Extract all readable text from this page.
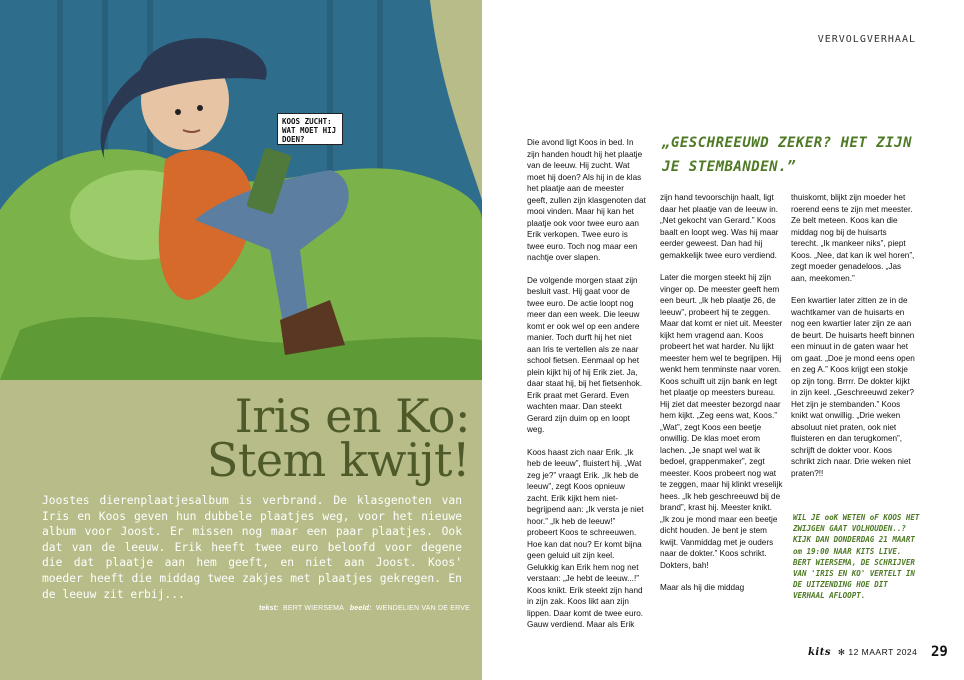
KOOS ZUCHT: WAT MOET HIJ DOEN?
Iris en Ko:
Stem kwijt!
Joostes dierenplaatjesalbum is verbrand. De klasgenoten van Iris en Koos geven hun dubbele plaatjes weg, voor het nieuwe album voor Joost. Er missen nog maar een paar plaatjes. Ook dat van de leeuw. Erik heeft twee euro beloofd voor degene die dat plaatje aan hem geeft, en niet aan Joost. Koos' moeder heeft die middag twee zakjes met plaatjes gekregen. En de leeuw zit erbij...
tekst: BERT WIERSEMA beeld: WENDELIEN VAN DE ERVE
VERVOLGVERHAAL
„GESCHREEUWD ZEKER? HET ZIJN JE STEMBANDEN.”

Die avond ligt Koos in bed. In zijn handen houdt hij het plaatje van de leeuw. Hij zucht. Wat moet hij doen? Als hij in de klas het plaatje aan de meester geeft, zullen zijn klasgenoten dat mooi vinden. Maar hij kan het plaatje ook voor twee euro aan Erik verkopen. Twee euro is twee euro. Toch nog maar een nachtje over slapen.

De volgende morgen staat zijn besluit vast. Hij gaat voor de twee euro. De actie loopt nog meer dan een week. Die leeuw komt er ook wel op een andere manier. Toch durft hij het niet aan Iris te vertellen als ze naar school fietsen. Eenmaal op het plein kijkt hij of hij Erik ziet. Ja, daar staat hij, bij het fietsenhok. Erik praat met Gerard. Even wachten maar. Dan steekt Gerard zijn duim op en loopt weg.

Koos haast zich naar Erik. „Ik heb de leeuw”, fluistert hij. „Wat zeg je?” vraagt Erik. „Ik heb de leeuw”, zegt Koos opnieuw zacht. Erik kijkt hem niet-begrijpend aan: „Ik versta je niet hoor.” „Ik heb de leeuw!” probeert Koos te schreeuwen. Hoe kan dat nou? Er komt bijna geen geluid uit zijn keel. Gelukkig kan Erik hem nog net verstaan: „Je hebt de leeuw...!” Koos knikt. Erik steekt zijn hand in zijn zak. Koos likt aan zijn lippen. Daar komt de twee euro. Gauw verdiend. Maar als Erik

zijn hand tevoorschijn haalt, ligt daar het plaatje van de leeuw in. „Net gekocht van Gerard.” Koos baalt en loopt weg. Was hij maar eerder geweest. Dan had hij gemakkelijk twee euro verdiend.

Later die morgen steekt hij zijn vinger op. De meester geeft hem een beurt. „Ik heb plaatje 26, de leeuw”, probeert hij te zeggen. Maar dat komt er niet uit. Meester kijkt hem vragend aan. Koos probeert het wat harder. Nu lijkt meester hem wel te begrijpen. Hij wenkt hem tenminste naar voren. Koos schuift uit zijn bank en legt het plaatje op meesters bureau. Hij ziet dat meester bezorgd naar hem kijkt. „Zeg eens wat, Koos.” „Wat”, zegt Koos een beetje onwillig. De klas moet erom lachen. „Je snapt wel wat ik bedoel, grappenmaker”, zegt meester. Koos probeert nog wat te zeggen, maar hij klinkt vreselijk hees. „Ik heb geschreeuwd bij de brand”, krast hij. Meester knikt. „Ik zou je mond maar een beetje dicht houden. Je bent je stem kwijt. Vanmiddag met je ouders naar de dokter.” Koos schrikt. Dokters, bah!

Maar als hij die middag

thuiskomt, blijkt zijn moeder het roerend eens te zijn met meester. Ze belt meteen. Koos kan die middag nog bij de huisarts terecht. „Ik mankeer niks”, piept Koos. „Nee, dat kan ik wel horen”, zegt moeder genadeloos. „Jas aan, meekomen.”

Een kwartier later zitten ze in de wachtkamer van de huisarts en nog een kwartier later zijn ze aan de beurt. De huisarts heeft binnen een minuut in de gaten waar het om gaat. „Doe je mond eens open en zeg A.” Koos krijgt een stokje op zijn tong. Brrrr. De dokter kijkt in zijn keel. „Geschreeuwd zeker? Het zijn je stembanden.” Koos knikt wat onwillig. „Drie weken absoluut niet praten, ook niet fluisteren en dan terugkomen”, schrijft de dokter voor. Koos schrikt zich naar. Drie weken niet praten?!!

WIL JE ooK WETEN oF KOOS HET ZWIJGEN GAAT VOLHOUDEN..? KIJK DAN DONDERDAG 21 MAART om 19:00 NAAR KITS LIVE. BERT WIERSEMA, DE SCHRIJVER VAN 'IRIS EN KO' VERTELT IN DE UITZENDING HOE DIT VERHAAL AFLOOPT.
kits ✻ 12 MAART 2024 29
